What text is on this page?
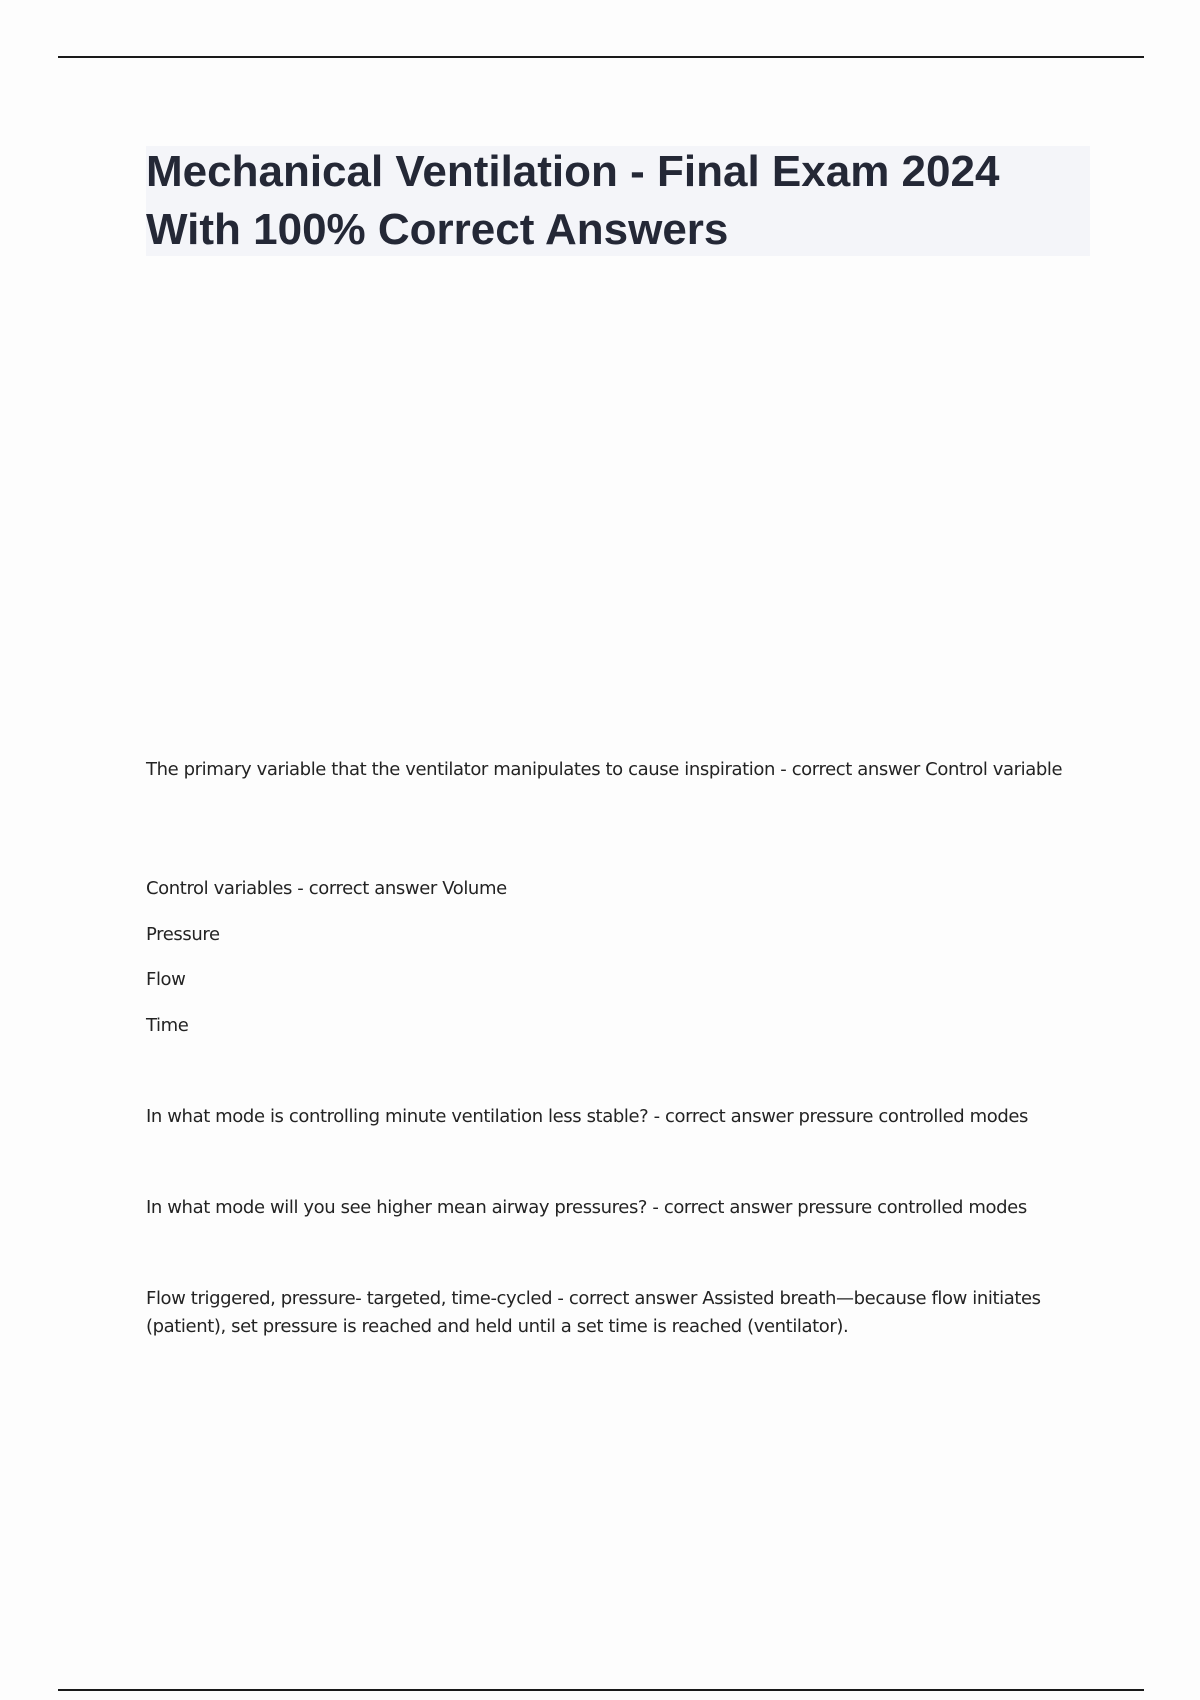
Mechanical Ventilation - Final Exam 2024 With 100% Correct Answers

The primary variable that the ventilator manipulates to cause inspiration - correct answer Control variable

Control variables - correct answer Volume

Pressure

Flow

Time

In what mode is controlling minute ventilation less stable? - correct answer pressure controlled modes

In what mode will you see higher mean airway pressures? - correct answer pressure controlled modes

Flow triggered, pressure- targeted, time-cycled - correct answer Assisted breath—because flow initiates (patient), set pressure is reached and held until a set time is reached (ventilator).
